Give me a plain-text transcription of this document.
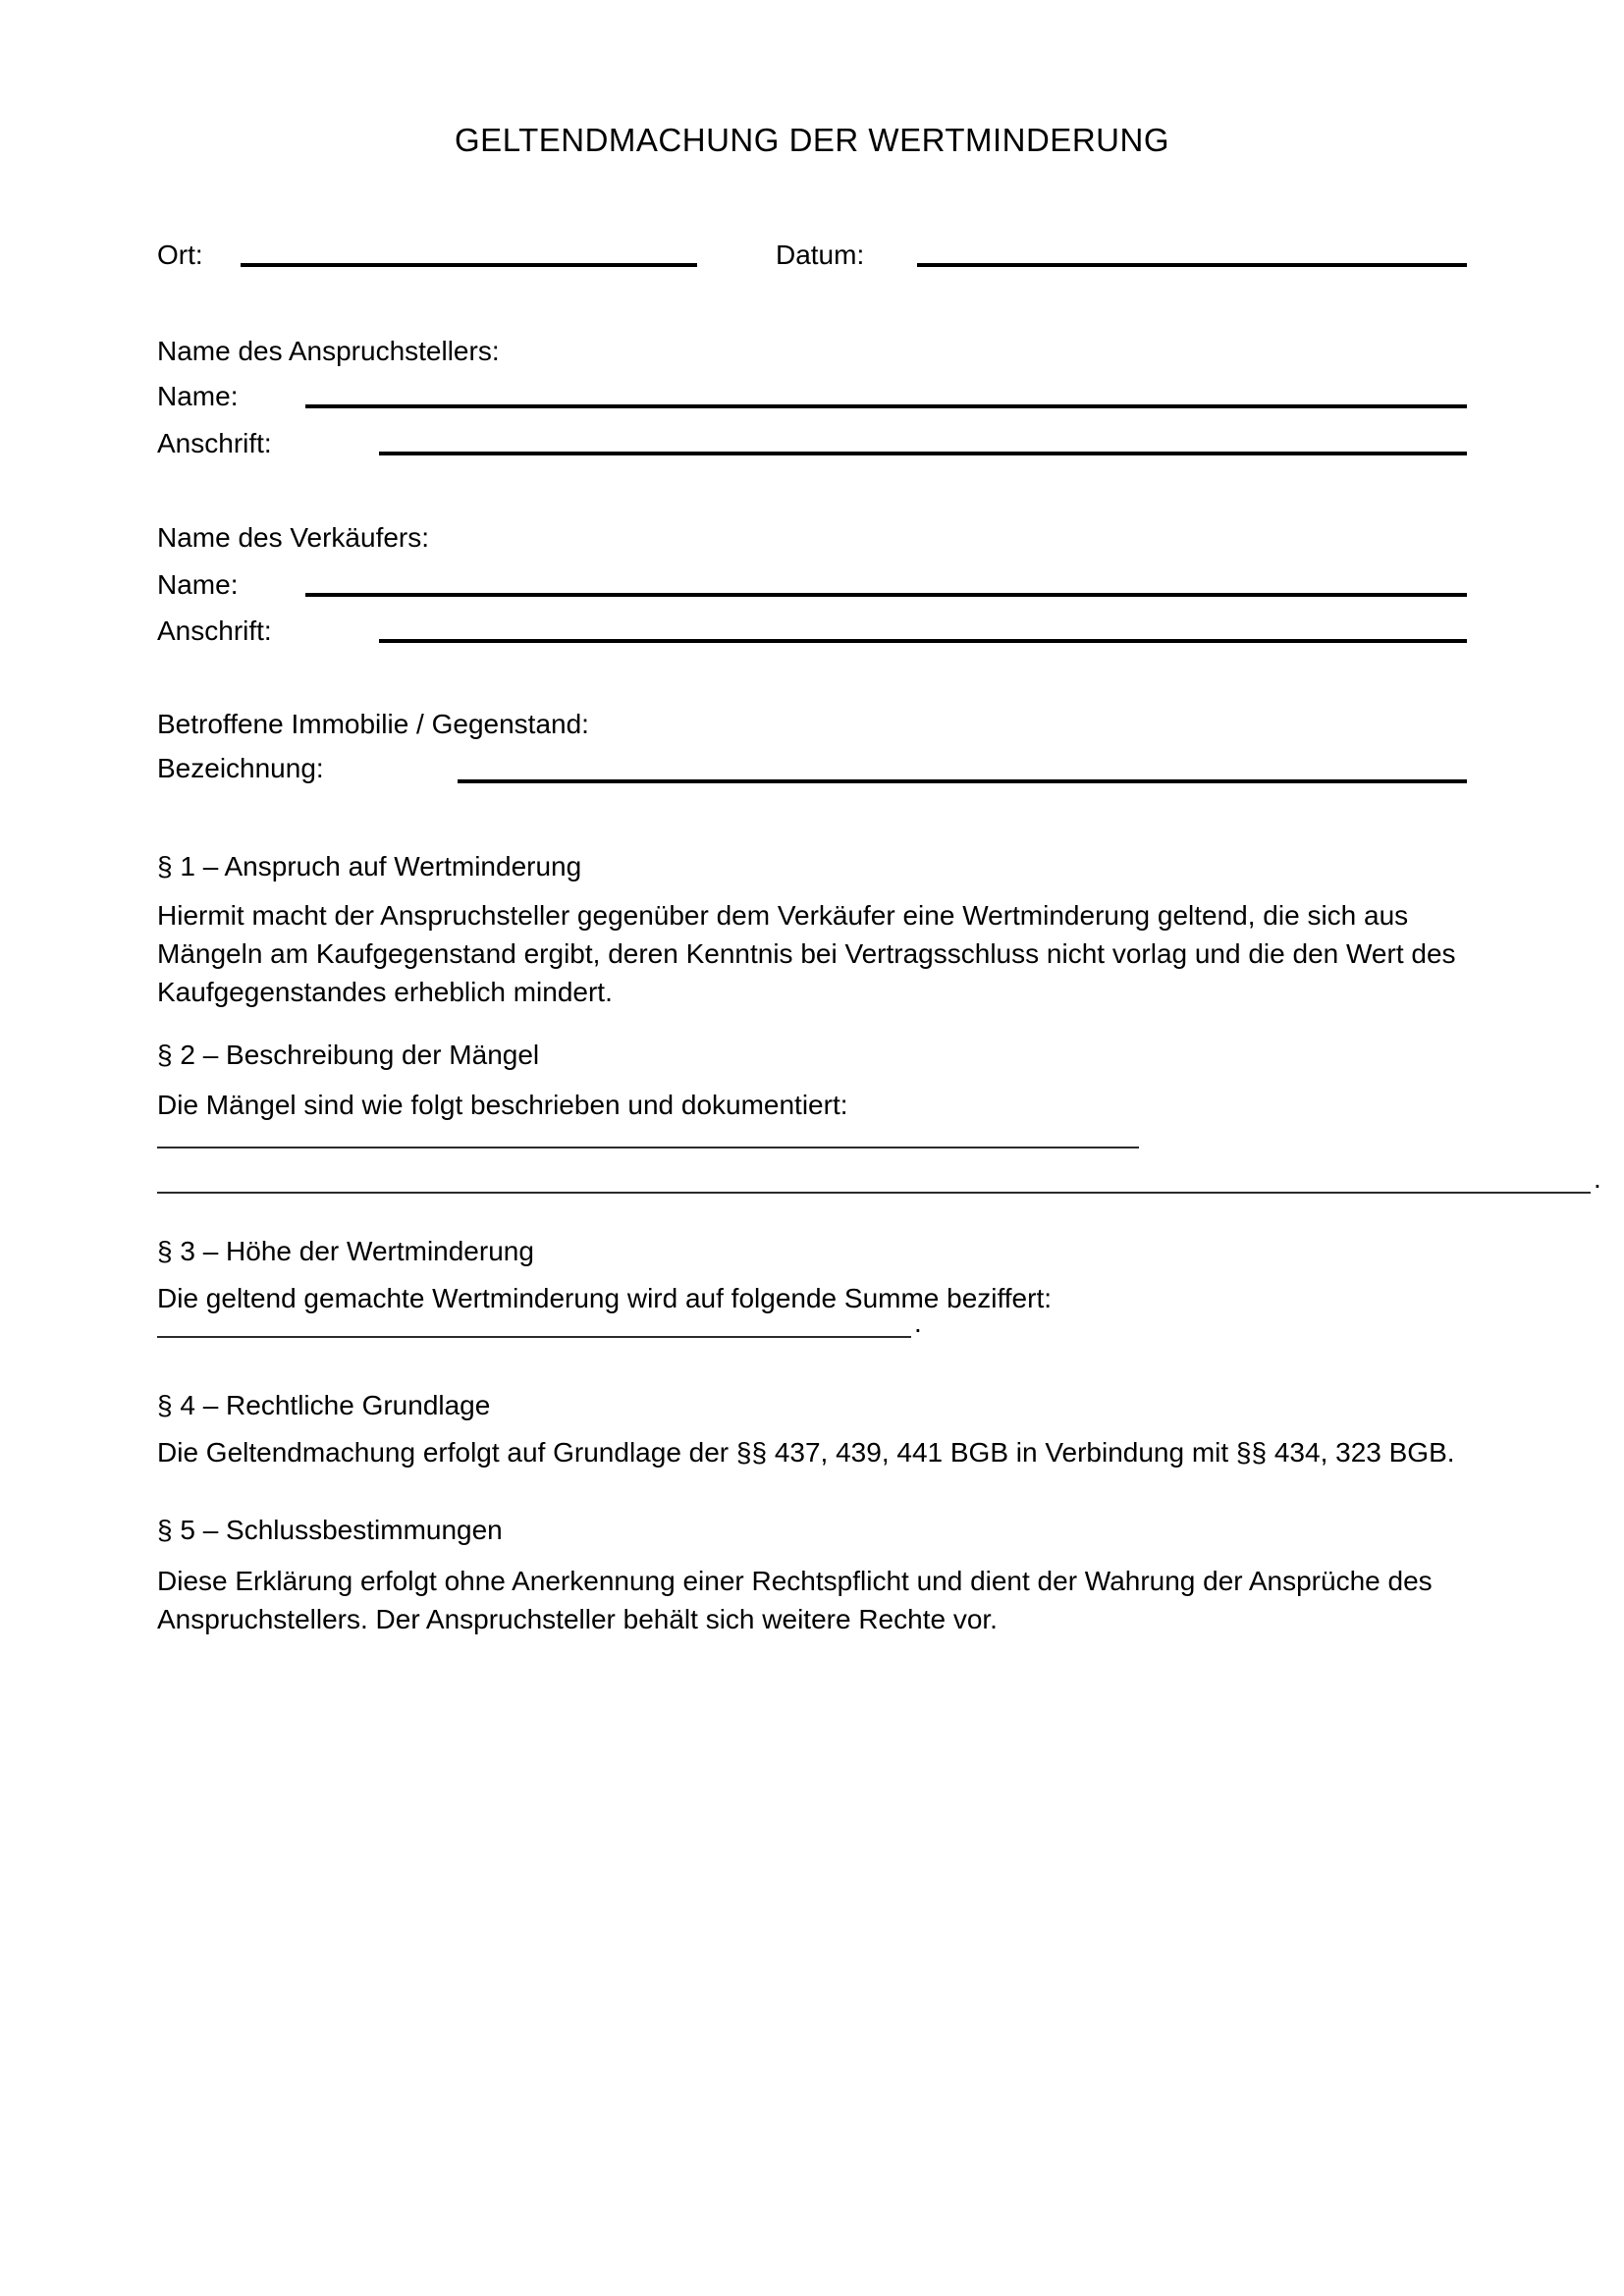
GELTENDMACHUNG DER WERTMINDERUNG
Ort:	Datum:
Name des Anspruchstellers:
Name:
Anschrift:
Name des Verkäufers:
Name:
Anschrift:
Betroffene Immobilie / Gegenstand:
Bezeichnung:
§ 1 – Anspruch auf Wertminderung

Hiermit macht der Anspruchsteller gegenüber dem Verkäufer eine Wertminderung geltend, die sich aus Mängeln am Kaufgegenstand ergibt, deren Kenntnis bei Vertragsschluss nicht vorlag und die den Wert des Kaufgegenstandes erheblich mindert.

§ 2 – Beschreibung der Mängel

Die Mängel sind wie folgt beschrieben und dokumentiert:

.
§ 3 – Höhe der Wertminderung

Die geltend gemachte Wertminderung wird auf folgende Summe beziffert:

.
§ 4 – Rechtliche Grundlage

Die Geltendmachung erfolgt auf Grundlage der §§ 437, 439, 441 BGB in Verbindung mit §§ 434, 323 BGB.

§ 5 – Schlussbestimmungen

Diese Erklärung erfolgt ohne Anerkennung einer Rechtspflicht und dient der Wahrung der Ansprüche des Anspruchstellers. Der Anspruchsteller behält sich weitere Rechte vor.
